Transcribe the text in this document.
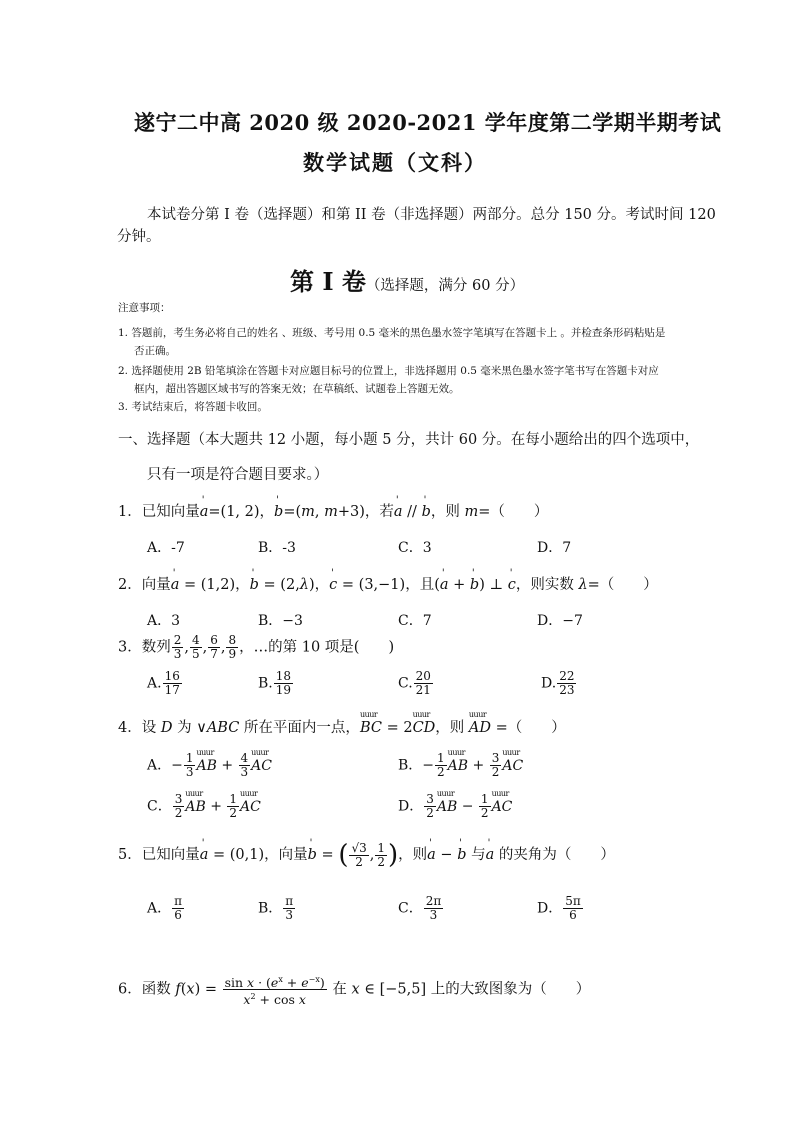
遂宁二中高 2020 级 2020-2021 学年度第二学期半期考试
数学试题（文科）
本试卷分第 I 卷（选择题）和第 II 卷（非选择题）两部分。总分 150 分。考试时间 120
分钟。
第 Ⅰ 卷（选择题，满分 60 分）
注意事项：
1. 答题前，考生务必将自己的姓名 、班级、考号用 0.5 毫米的黑色墨水签字笔填写在答题卡上 。并检查条形码粘贴是
否正确。
2. 选择题使用 2B 铅笔填涂在答题卡对应题目标号的位置上，非选择题用 0.5 毫米黑色墨水签字笔书写在答题卡对应
框内，超出答题区域书写的答案无效；在草稿纸、试题卷上答题无效。
3. 考试结束后，将答题卡收回。
一、选择题（本大题共 12 小题，每小题 5 分，共计 60 分。在每小题给出的四个选项中，
只有一项是符合题目要求。）
1．已知向量' a=(1, 2)，' b=(m, m+3)，若' a // ' b，则 m=（　　）
A．-7	B．-3	C．3	D．7
2．向量' a = (1,2)，' b = (2,λ)，' c = (3,−1)，且(' a + ' b) ⊥ ' c，则实数 λ=（　　）
A．3	B．−3	C．7	D．−7
3．数列 $\frac{2}{3}$ , $\frac{4}{5}$ , $\frac{6}{7}$ , $\frac{8}{9}$ ，…的第 10 项是(　　)
A. $\frac{16}{17}$	B. $\frac{18}{19}$	C. $\frac{20}{21}$	D. $\frac{22}{23}$
4．设 D 为 ∨ABC 所在平面内一点，uuur BC = 2uuur CD，则 uuur AD =（　　）
A．− $\frac{1}{3}$ uuur AB + $\frac{4}{3}$ uuur AC	B．− $\frac{1}{2}$ uuur AB + $\frac{3}{2}$ uuur AC
C． $\frac{3}{2}$ uuur AB + $\frac{1}{2}$ uuur AC	D． $\frac{3}{2}$ uuur AB − $\frac{1}{2}$ uuur AC
5．已知向量' a = (0,1)，向量' b = ( $\frac{√3}{2}$ , $\frac{1}{2}$ )，则' a − ' b 与' a 的夹角为（　　）
A． $\frac{\pi}{6}$	B． $\frac{\pi}{3}$	C． $\frac{2\pi}{3}$	D． $\frac{5\pi}{6}$
6．函数 $f(x) = \frac{\sin x \cdot (e^x + e^{-x})}{x^2 + \cos x}$ 在 x ∈ [−5,5] 上的大致图象为（　　）
